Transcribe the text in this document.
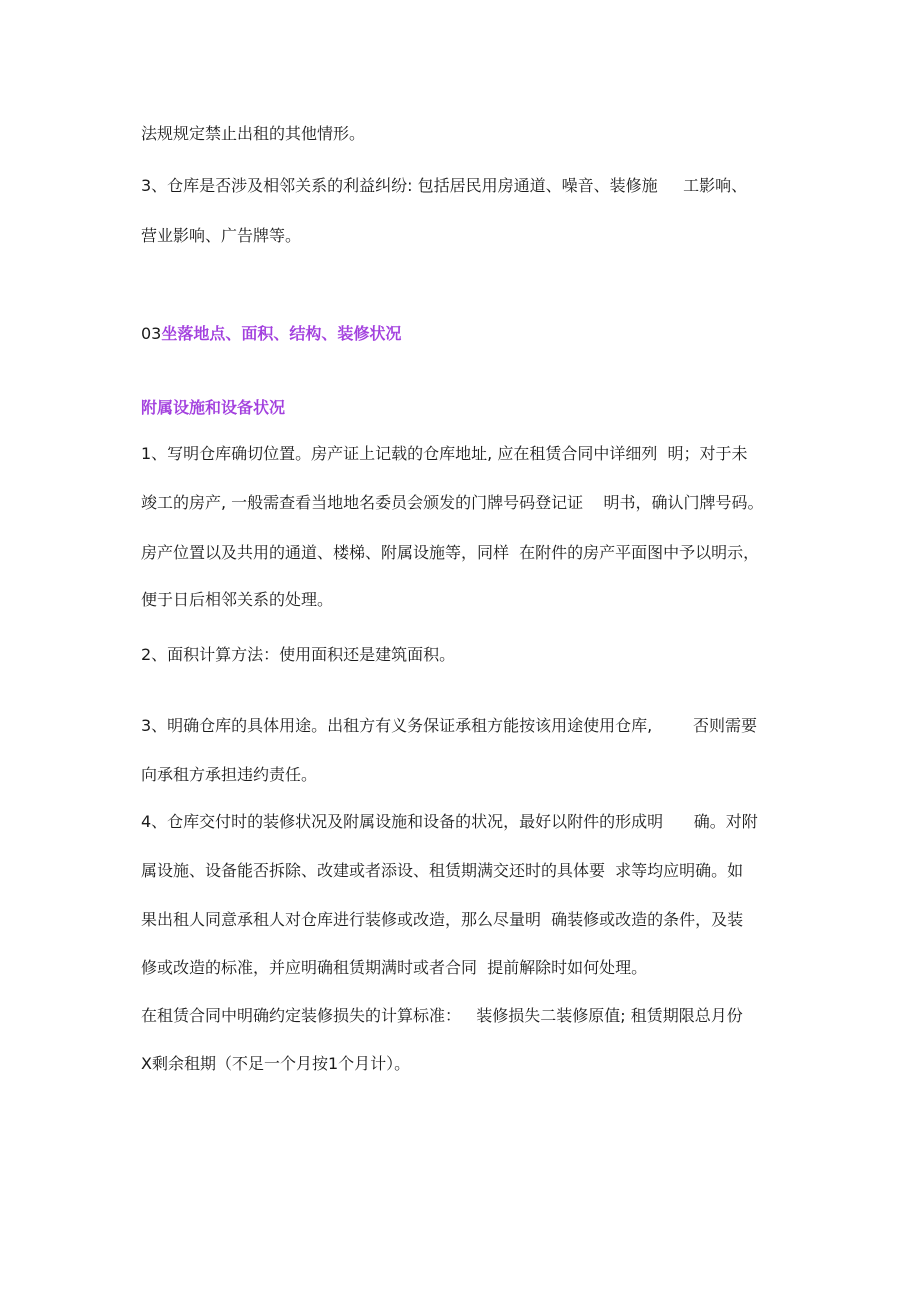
法规规定禁止出租的其他情形。

3、仓库是否涉及相邻关系的利益纠纷: 包括居民用房通道、噪音、装修施     工影响、

营业影响、广告牌等。

03坐落地点、面积、结构、装修状况

附属设施和设备状况

1、写明仓库确切位置。房产证上记载的仓库地址, 应在租赁合同中详细列  明；对于未

竣工的房产, 一般需查看当地地名委员会颁发的门牌号码登记证    明书，确认门牌号码。

房产位置以及共用的通道、楼梯、附属设施等，同样  在附件的房产平面图中予以明示，

便于日后相邻关系的处理。

2、面积计算方法：使用面积还是建筑面积。

3、明确仓库的具体用途。出租方有义务保证承租方能按该用途使用仓库,        否则需要

向承租方承担违约责任。

4、仓库交付时的装修状况及附属设施和设备的状况，最好以附件的形成明      确。对附

属设施、设备能否拆除、改建或者添设、租赁期满交还时的具体要  求等均应明确。如

果出租人同意承租人对仓库进行装修或改造，那么尽量明  确装修或改造的条件，及装

修或改造的标准，并应明确租赁期满时或者合同  提前解除时如何处理。

在租赁合同中明确约定装修损失的计算标准：   装修损失二装修原值; 租赁期限总月份

X剩余租期（不足一个月按1个月计）。
